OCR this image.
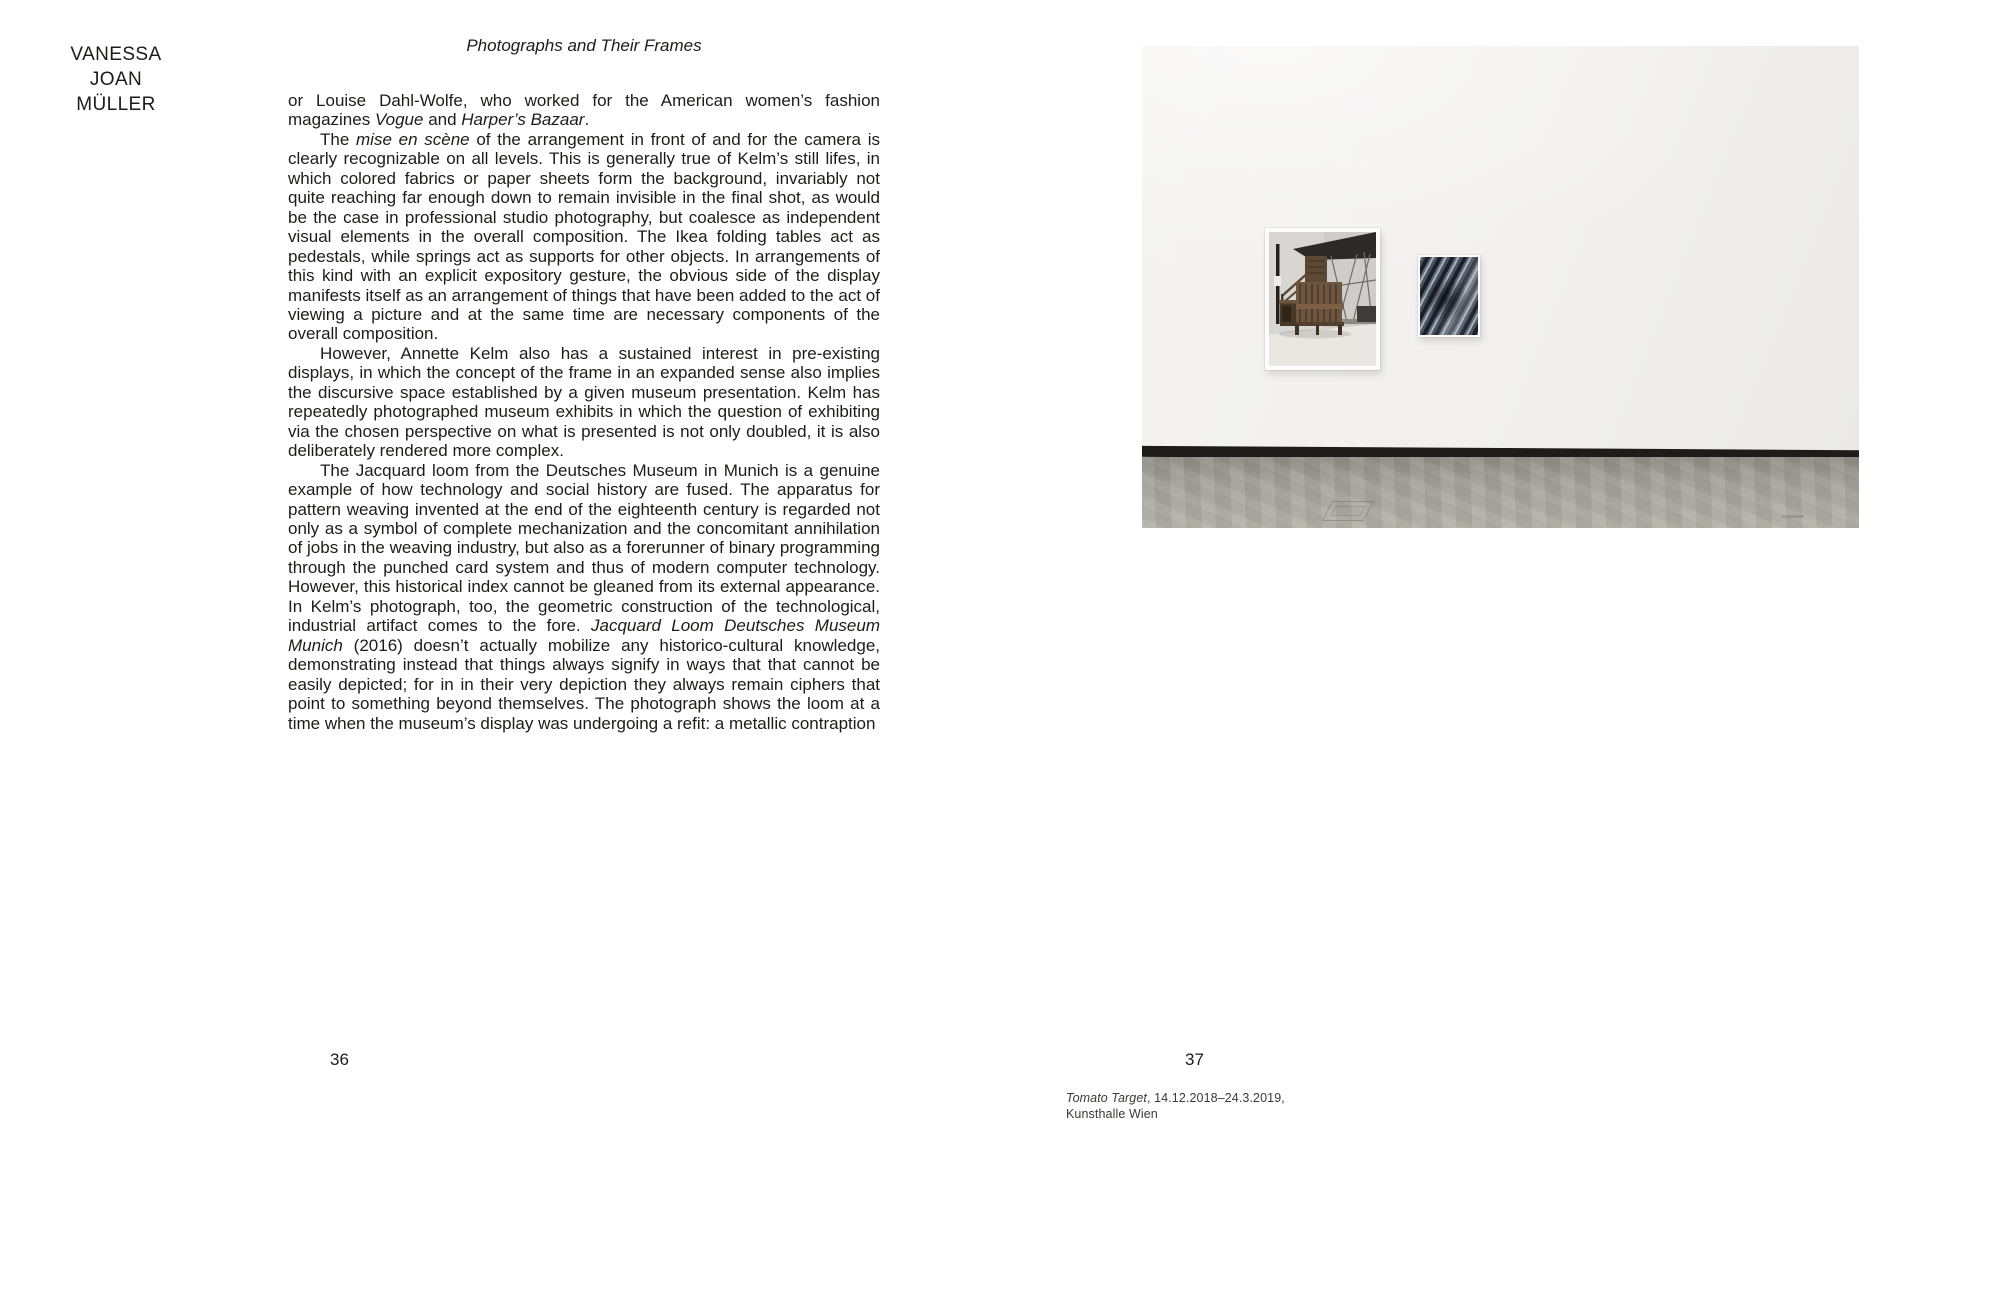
VANESSA
JOAN
MÜLLER
Photographs and Their Frames

or Louise Dahl-Wolfe, who worked for the American women’s fashion magazines Vogue and Harper’s Bazaar.

The mise en scène of the arrangement in front of and for the camera is clearly recognizable on all levels. This is generally true of Kelm’s still lifes, in which colored fabrics or paper sheets form the background, invariably not quite reaching far enough down to remain invisible in the final shot, as would be the case in professional studio photography, but coalesce as independent visual elements in the overall composition. The Ikea folding tables act as pedestals, while springs act as supports for other objects. In arrangements of this kind with an explicit expository gesture, the obvious side of the display manifests itself as an arrangement of things that have been added to the act of viewing a picture and at the same time are necessary components of the overall composition.

However, Annette Kelm also has a sustained interest in pre-existing displays, in which the concept of the frame in an expanded sense also implies the discursive space established by a given museum presentation. Kelm has repeatedly photographed museum exhibits in which the question of exhibiting via the chosen perspective on what is presented is not only doubled, it is also deliberately rendered more complex.

The Jacquard loom from the Deutsches Museum in Munich is a genuine example of how technology and social history are fused. The apparatus for pattern weaving invented at the end of the eighteenth century is regarded not only as a symbol of complete mechanization and the concomitant annihilation of jobs in the weaving industry, but also as a forerunner of binary programming through the punched card system and thus of modern computer technology. However, this historical index cannot be gleaned from its external appearance. In Kelm’s photograph, too, the geometric construction of the technological, industrial artifact comes to the fore. Jacquard Loom Deutsches Museum Munich (2016) doesn’t actually mobilize any historico-cultural knowledge, demonstrating instead that things always signify in ways that that cannot be easily depicted; for in in their very depiction they always remain ciphers that point to something beyond themselves. The photograph shows the loom at a time when the museum’s display was undergoing a refit: a metallic contraption

36	37
Tomato Target, 14.12.2018–24.3.2019,
Kunsthalle Wien
